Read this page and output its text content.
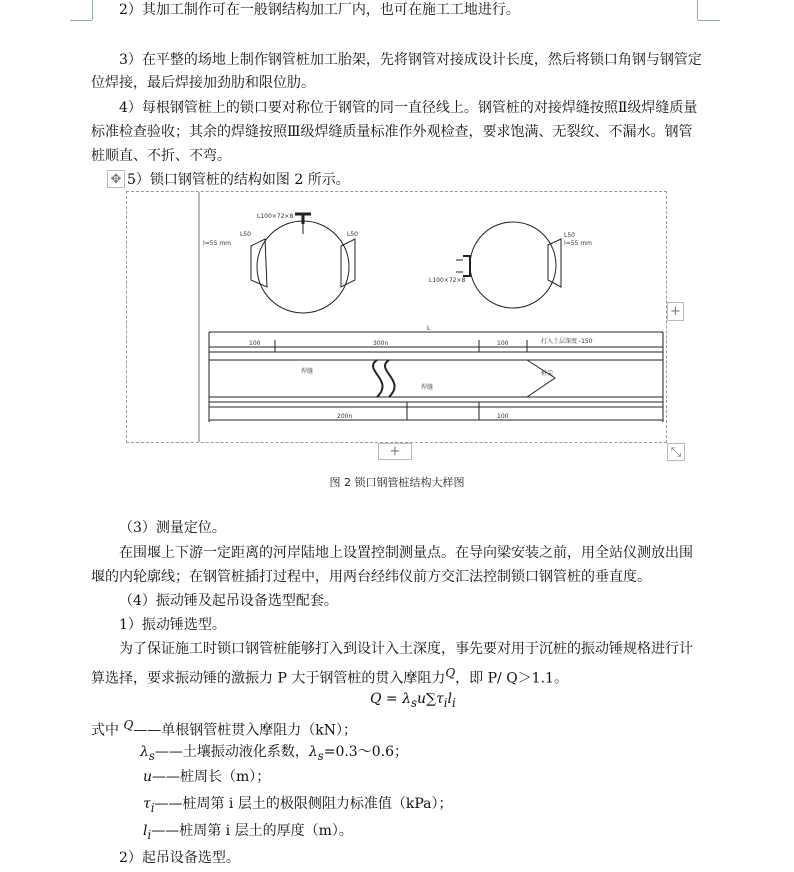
2）其加工制作可在一般钢结构加工厂内，也可在施工工地进行。
3）在平整的场地上制作钢管桩加工胎架，先将钢管对接成设计长度，然后将锁口角钢与钢管定
位焊接，最后焊接加劲肋和限位肋。
4）每根钢管桩上的锁口要对称位于钢管的同一直径线上。钢管桩的对接焊缝按照Ⅱ级焊缝质量
标准检查验收；其余的焊缝按照Ⅲ级焊缝质量标准作外观检查，要求饱满、无裂纹、不漏水。钢管
桩顺直、不折、不弯。
5）锁口钢管桩的结构如图 2 所示。
✥
L100×72×8
I=55 mm
L50	L50
I=55 mm
L100×72×8
L50
L
100	300n	100	打入土层深度 -150
200n	100
焊缝
焊缝
桩尖
+
+	⤡
图 2 锁口钢管桩结构大样图
（3）测量定位。
在围堰上下游一定距离的河岸陆地上设置控制测量点。在导向梁安装之前，用全站仪测放出围
堰的内轮廓线；在钢管桩插打过程中，用两台经纬仪前方交汇法控制锁口钢管桩的垂直度。
（4）振动锤及起吊设备选型配套。
1）振动锤选型。
为了保证施工时锁口钢管桩能够打入到设计入土深度，事先要对用于沉桩的振动锤规格进行计
算选择，要求振动锤的激振力 P 大于钢管桩的贯入摩阻力$^Q$，即 P/ Q＞1.1。
$Q = \lambda_su\sum\tau_il_i$
式中 $^Q$——单根钢管桩贯入摩阻力（kN）；
$\lambda_s——$土壤振动液化系数，$\lambda_s=0.3\sim 0.6$；
u——桩周长（m）；
$\tau_i——$桩周第 i 层土的极限侧阻力标准值（kPa）；
$l_i——$桩周第 i 层土的厚度（m）。
2）起吊设备选型。
